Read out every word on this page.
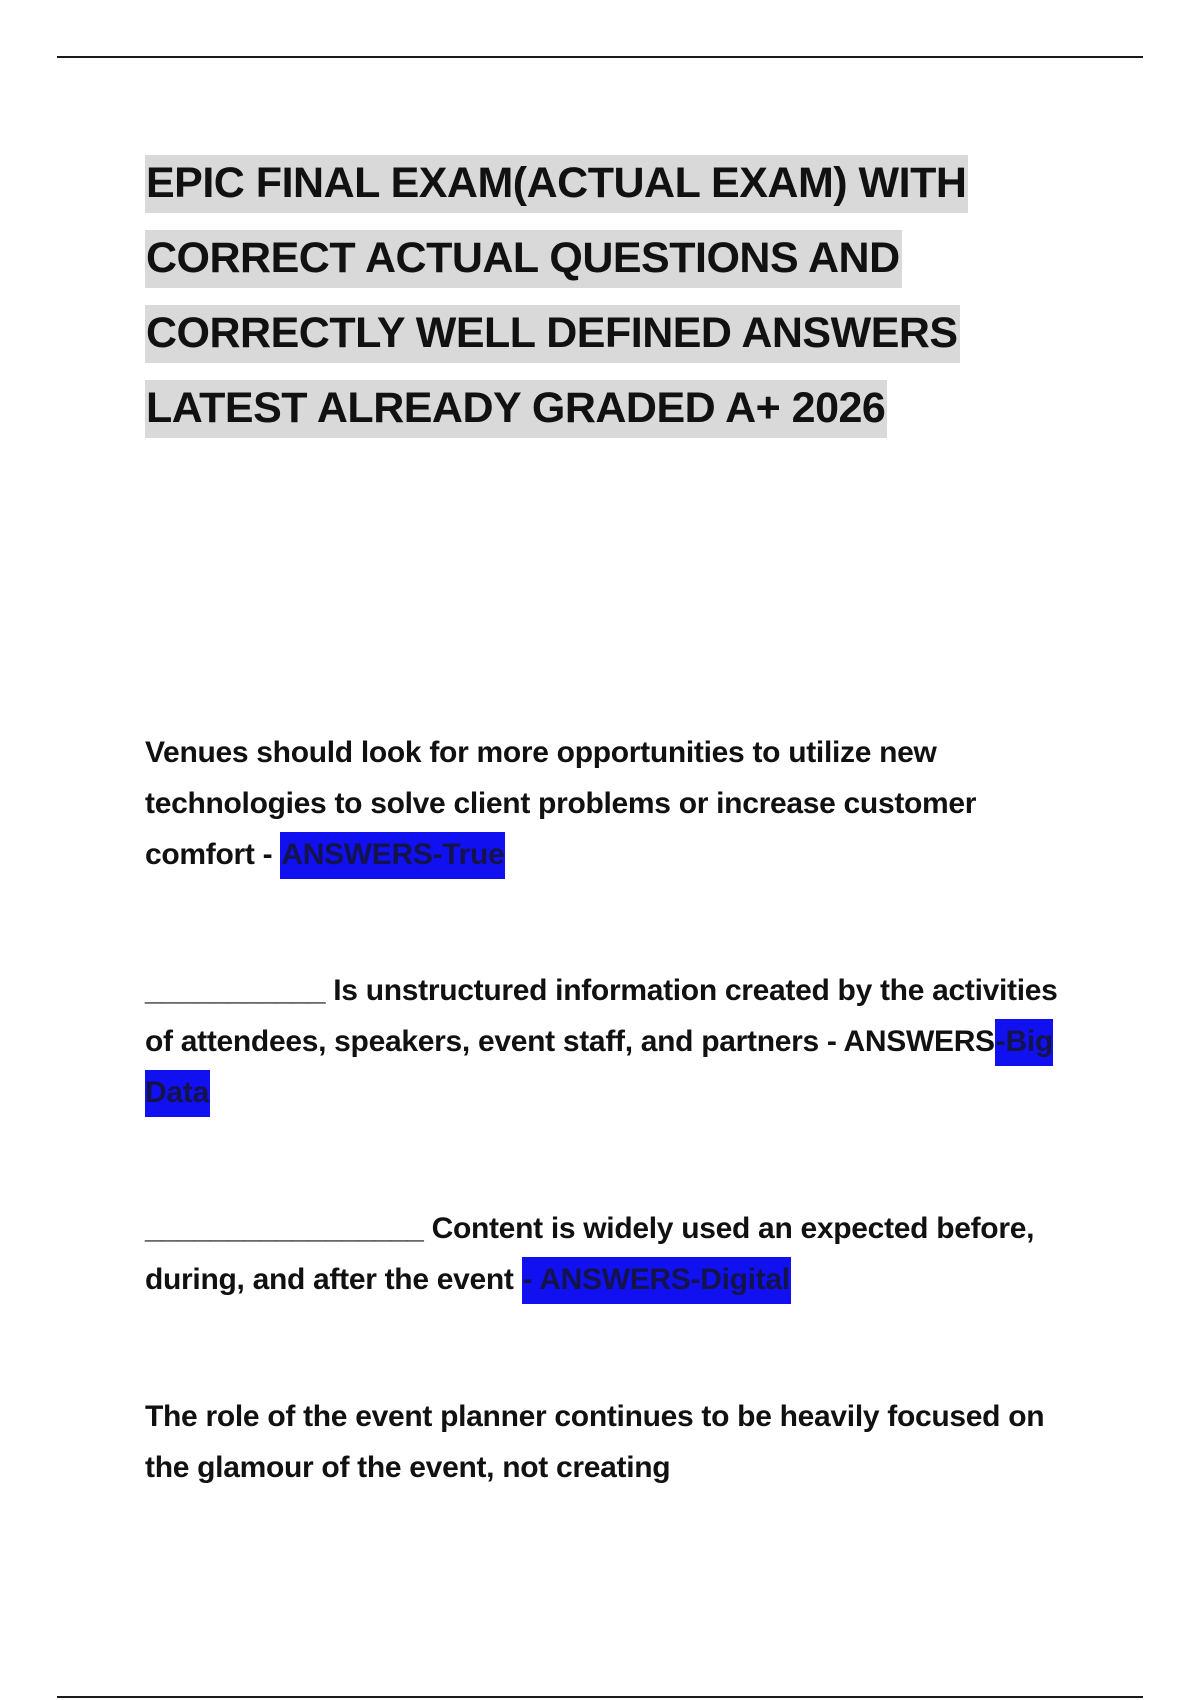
EPIC FINAL EXAM(ACTUAL EXAM) WITH
CORRECT ACTUAL QUESTIONS AND
CORRECTLY WELL DEFINED ANSWERS
LATEST ALREADY GRADED A+ 2026

Venues should look for more opportunities to utilize new technologies to solve client problems or increase customer comfort - ANSWERS-True

___________ Is unstructured information created by the activities of attendees, speakers, event staff, and partners - ANSWERS-Big Data

_________________ Content is widely used an expected before, during, and after the event - ANSWERS-Digital

The role of the event planner continues to be heavily focused on the glamour of the event, not creating
